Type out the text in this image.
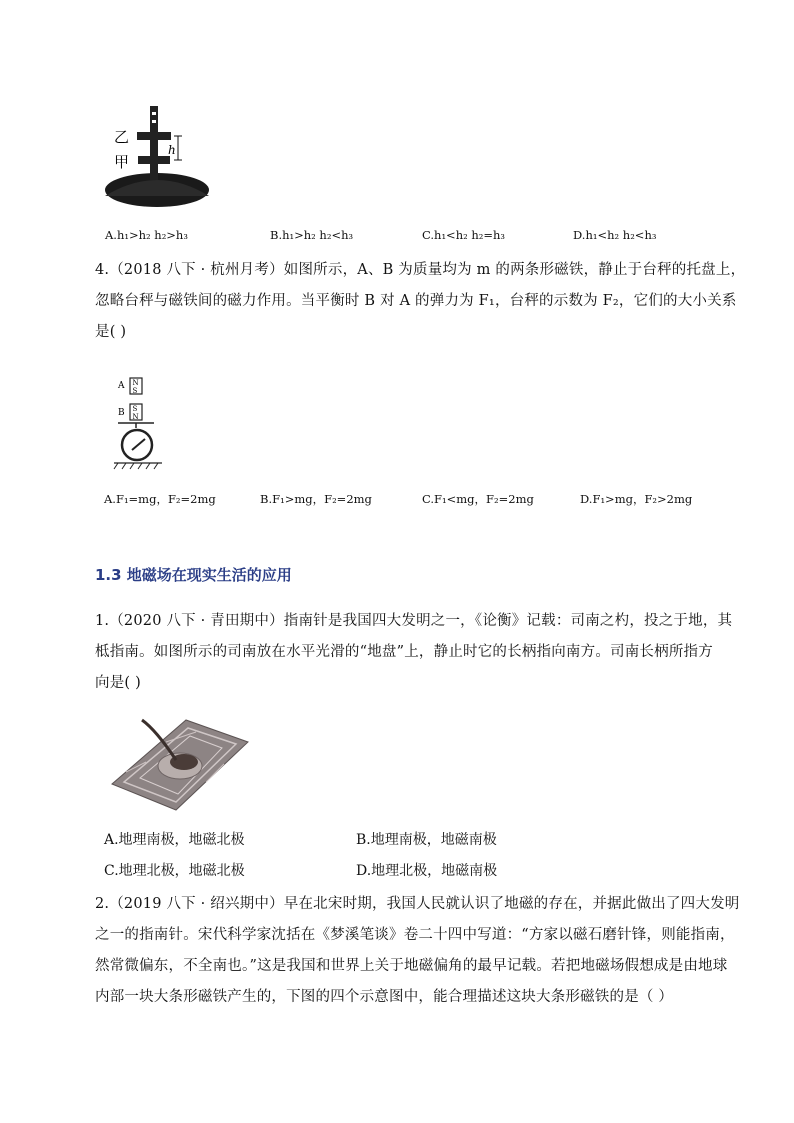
乙
甲
h
A.h₁>h₂ h₂>h₃	B.h₁>h₂ h₂<h₃	C.h₁<h₂ h₂=h₃	D.h₁<h₂ h₂<h₃
4.（2018 八下 · 杭州月考）如图所示，A、B 为质量均为 m 的两条形磁铁，静止于台秤的托盘上，
忽略台秤与磁铁间的磁力作用。当平衡时 B 对 A 的弹力为 F₁，台秤的示数为 F₂，它们的大小关系
是( )
A
B
N
S
S
N
A.F₁=mg，F₂=2mg	B.F₁>mg，F₂=2mg	C.F₁<mg，F₂=2mg	D.F₁>mg，F₂>2mg
1.3 地磁场在现实生活的应用
1.（2020 八下 · 青田期中）指南针是我国四大发明之一，《论衡》记载：司南之杓，投之于地，其
柢指南。如图所示的司南放在水平光滑的“地盘”上，静止时它的长柄指向南方。司南长柄所指方
向是( )
A.地理南极，地磁北极	B.地理南极，地磁南极
C.地理北极，地磁北极	D.地理北极，地磁南极
2.（2019 八下 · 绍兴期中）早在北宋时期，我国人民就认识了地磁的存在，并据此做出了四大发明
之一的指南针。宋代科学家沈括在《梦溪笔谈》卷二十四中写道：“方家以磁石磨针锋，则能指南，
然常微偏东，不全南也。”这是我国和世界上关于地磁偏角的最早记载。若把地磁场假想成是由地球
内部一块大条形磁铁产生的，下图的四个示意图中，能合理描述这块大条形磁铁的是（ ）
